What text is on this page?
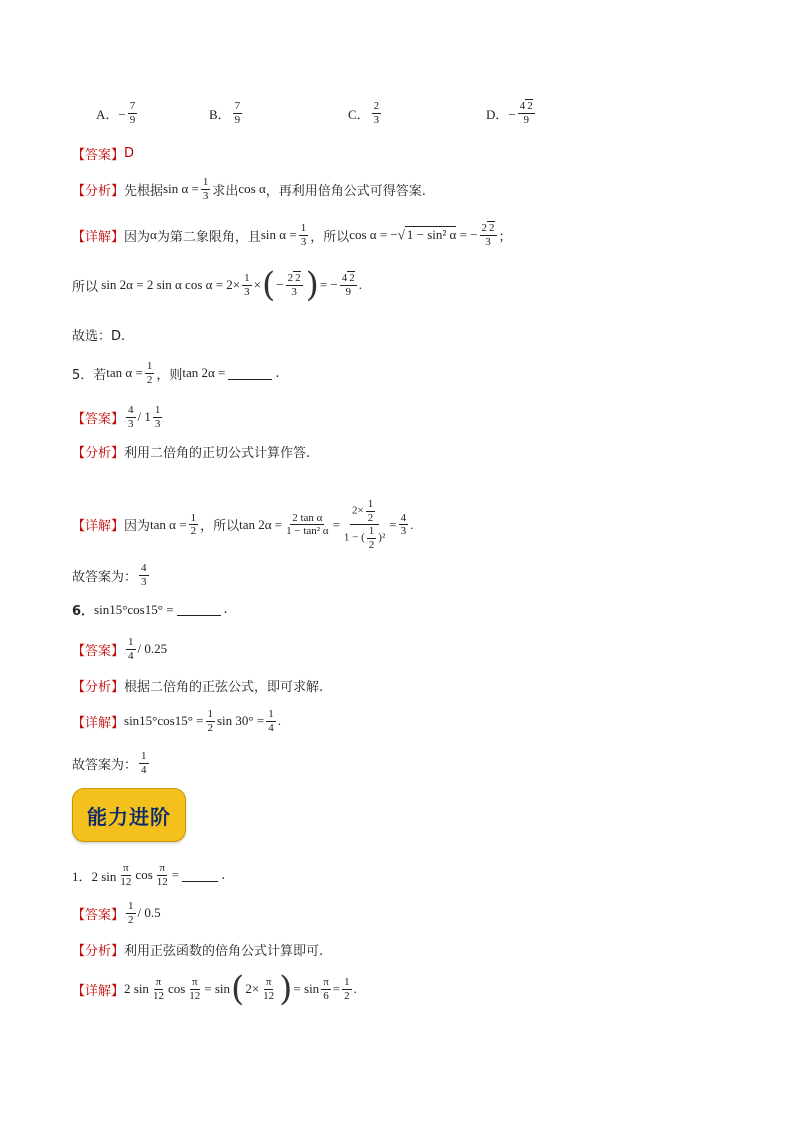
A．− $\frac{7}{9}$	B． $\frac{7}{9}$	C． $\frac{2}{3}$	D．− $\frac{4 2}{9}$
【答案】 D
【分析】 先根据 $\sin \alpha = \frac{1}{3}$ 求出 cos α ，再利用倍角公式可得答案.
【详解】 因为 α 为第二象限角，且 $\sin \alpha = \frac{1}{3}$ ，所以 cos α = −√ 1 − sin² α = − $\frac{2 2}{3}$ ；
所以 sin 2α = 2 sin α $\cos \alpha = 2\times \frac{1}{3}$ × ( − $\frac{2 2}{3}$ ) = − $\frac{4 2}{9}$ .
故选：D.
5．若 $\tan \alpha = \frac{1}{2}$ ，则 tan 2α =	.
【答案】 $\frac{4}{3} / 1 \frac{1}{3}$
【分析】 利用二倍角的正切公式计算作答.
【详解】 因为 $\tan \alpha = \frac{1}{2}$ ，所以 $\tan 2\alpha = \frac{\text{2 tan α}}{\text{1 − tan² α}} = \frac{2\times \frac{1}{2}}{1 - ( \frac{1}{2} )^2} = \frac{4}{3}$ .
故答案为： $\frac{4}{3}$
6． sin15°cos15° =	.
【答案】 $\frac{1}{4} / 0.25$
【分析】 根据二倍角的正弦公式，即可求解.
【详解】 $\sin 15^\circ\cos 15^\circ = \frac{1}{2}$ $\sin 30^\circ = \frac{1}{4}$ .
故答案为： $\frac{1}{4}$
能力进阶
1．2 $\sin \frac{\pi}{12}$ $\cos \frac{\pi}{12}$ =	.
【答案】 $\frac{1}{2} / 0.5$
【分析】 利用正弦函数的倍角公式计算即可.
【详解】 2 $\sin \frac{\pi}{12}$ $\cos \frac{\pi}{12} = \sin$ ( $2\times \frac{\pi}{12}$ ) = $\sin \frac{\pi}{6} = \frac{1}{2}$ .
